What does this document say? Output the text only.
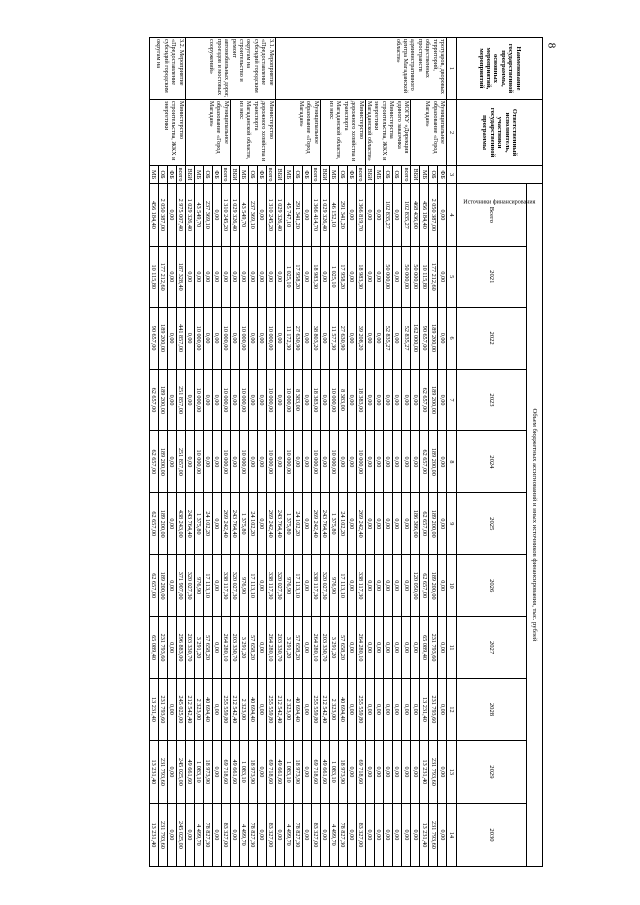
8
Наименование государственной программы, основных мероприятий, мероприятий	Ответственный исполнитель, участники государственной программы	Источники финансирования	Объем бюджетных ассигнований и иных источников финансирования, тыс. рублей										
			Всего	2021	2022	2023	2024	2025	2026	2027	2028	2029	2030
1	2	3	4	5	6	7	8	9	10	11	12	13	14
тротуаров, дворовых территорий, общественных пространств административного центра Магаданской области»	Муниципальное образование «Город Магадан»	ФБ	0,00	0,00	0,00	0,00	0,00	0,00	0,00	0,00	0,00	0,00	0,00
		ОБ	2 050 387,00	177 212,60	189 200,00	189 200,00	189 200,00	189 200,00	189 200,00	231 793,60	231 793,60	231 793,60	231 793,60
		МБ	456 184,40	10 115,80	90 657,00	62 657,00	62 657,00	62 657,00	62 657,00	65 089,40	13 231,40	13 231,40	13 231,40
		ВБИ	468 436,00	50 000,00	162 000,00	0,00	0,00	186 386,00	120 050,00	0,00	0,00	0,00	0,00
	МОГКУ «Дирекция единого заказчика Министерства строительства, ЖКХ и энергетики Магаданской области»	всего	102 835,27	50 000,00	52 835,27	0,00	0,00	0,00	0,00	0,00	0,00	0,00	0,00
		ОБ	0,00	0,00	0,00	0,00	0,00	0,00	0,00	0,00	0,00	0,00	0,00
		ОБ	102 835,27	50 000,00	52 835,27	0,00	0,00	0,00	0,00	0,00	0,00	0,00	0,00
		МБ	0,00	0,00	0,00	0,00	0,00	0,00	0,00	0,00	0,00	0,00	0,00
		ВБИ	0,00	0,00	0,00	0,00	0,00	0,00	0,00	0,00	0,00	0,00	0,00
	Министерство дорожного хозяйства и транспорта Магаданской области, из них:	всего	1 366 819,70	18 983,30	39 208,20	18 383,00	10 000,00	269 242,40	338 117,30	264 280,10	255 559,80	69 718,60	83 327,00
		ФБ	0,00	0,00	0,00	0,00	0,00	0,00	0,00	0,00	0,00	0,00	0,00
		ОБ	291 341,20	17 958,20	27 630,90	8 383,00	0,00	24 102,20	17 113,10	57 658,20	40 694,40	18 973,90	78 827,30
		МБ	46 152,10	1 025,10	11 577,30	10 000,00	10 000,00	1 375,80	976,90	3 291,20	2 323,00	1 083,10	4 499,70
		ВБИ	1 029 326,40	0,00	0,00	0,00	0,00	243 764,40	320 027,30	203 330,70	212 542,40	49 661,60	0,00
	Муниципальное образование «Город Магадан»	всего	1 366 414,70	18 983,30	38 803,20	18 383,00	10 000,00	269 242,40	338 117,30	264 280,10	255 559,80	69 718,60	83 327,00
		ФБ	0,00	0,00	0,00	0,00	0,00	0,00	0,00	0,00	0,00	0,00	0,00
		ОБ	291 341,20	17 958,20	27 630,90	8 383,00	0,00	24 102,20	17 113,10	57 658,20	40 694,40	18 973,90	78 827,30
		МБ	45 747,10	1 025,10	11 172,30	10 000,00	10 000,00	1 375,80	976,90	3 291,20	2 323,00	1 083,10	4 499,70
		ВБИ	1 029 326,40	0,00	0,00	0,00	0,00	243 764,40	320 027,30	203 330,70	212 542,40	49 661,60	0,00
3.1. Мероприятие «Предоставление субсидий городским округам на строительство и ремонт автомобильных дорог, проездов и мостовых сооружений»	Министерство дорожного хозяйства и транспорта Магаданской области, из них:	всего	1 310 245,20	0,00	10 000,00	10 000,00	10 000,00	269 242,40	338 117,30	264 280,10	255 559,80	69 718,60	83 327,00
		ФБ	0,00	0,00	0,00	0,00	0,00	0,00	0,00	0,00	0,00	0,00	0,00
		ОБ	237 369,10	0,00	0,00	0,00	0,00	24 102,20	17 113,10	57 658,20	40 694,40	18 973,90	78 827,30
		МБ	43 549,70	0,00	10 000,00	10 000,00	10 000,00	1 375,80	976,90	3 291,20	2 323,00	1 083,10	4 499,70
		ВБИ	1 029 326,40	0,00	0,00	0,00	0,00	243 764,40	320 027,30	203 330,70	212 542,40	49 661,60	0,00
	Муниципальное образование «Город Магадан»	всего	1 310 245,20	0,00	10 000,00	10 000,00	10 000,00	269 242,40	338 117,30	264 280,10	255 559,80	69 718,60	83 327,00
		ФБ	0,00	0,00	0,00	0,00	0,00	0,00	0,00	0,00	0,00	0,00	0,00
		ОБ	237 369,10	0,00	0,00	0,00	0,00	24 102,20	17 113,10	57 658,20	40 694,40	18 973,90	78 827,30
		МБ	43 549,70	0,00	10 000,00	10 000,00	10 000,00	1 375,80	976,90	3 291,20	2 323,00	1 083,10	4 499,70
		ВБИ	1 029 326,40	0,00	0,00	0,00	0,00	243 764,40	320 027,30	203 330,70	212 542,40	49 661,60	0,00
3.2. Мероприятие «Предоставление субсидий городским округам на	Министерство строительства, ЖКХ и энергетики	всего	2 975 007,40	187 328,40	441 857,00	251 857,00	251 857,00	438 243,00	371 907,00	296 883,00	245 025,00	245 025,00	245 025,00
		ФБ	0,00	0,00	0,00	0,00	0,00	0,00	0,00	0,00	0,00	0,00	0,00
		ОБ	2 050 387,00	177 212,60	189 200,00	189 200,00	189 200,00	189 200,00	189 200,00	231 793,60	231 793,60	231 793,60	231 793,60
		МБ	456 184,40	10 115,80	90 657,00	62 657,00	62 657,00	62 657,00	62 657,00	65 089,40	13 231,40	13 231,40	13 231,40
